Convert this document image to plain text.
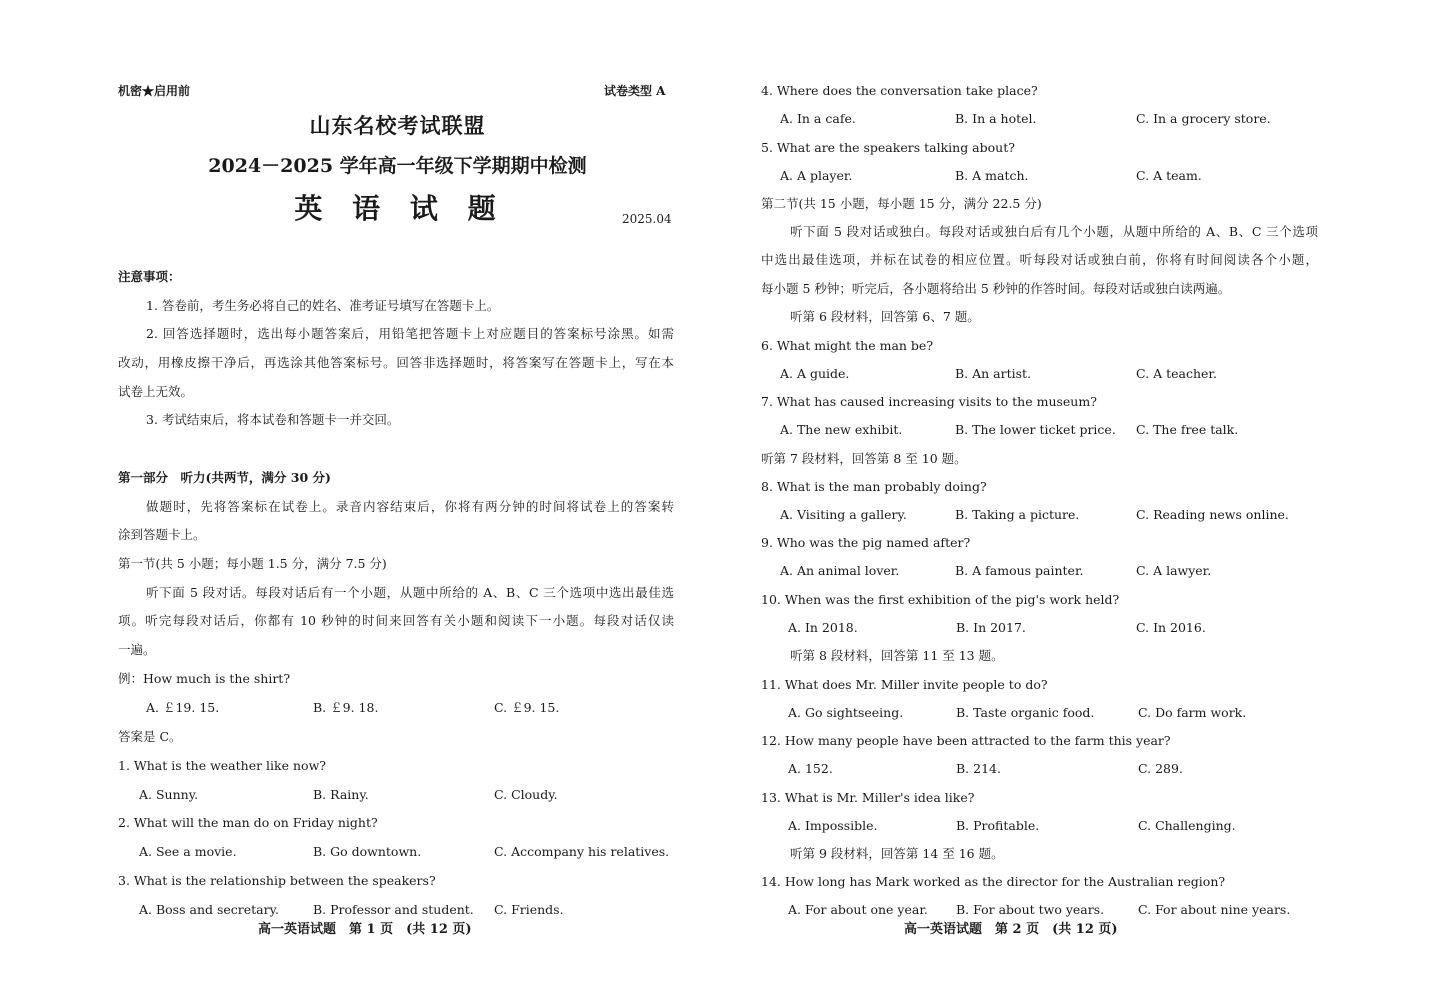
机密★启用前	试卷类型 A
山东名校考试联盟
2024－2025 学年高一年级下学期期中检测
英 语 试 题	2025.04
注意事项：
1. 答卷前，考生务必将自己的姓名、准考证号填写在答题卡上。
2. 回答选择题时，选出每小题答案后，用铅笔把答题卡上对应题目的答案标号涂黑。如需
改动，用橡皮擦干净后，再选涂其他答案标号。回答非选择题时，将答案写在答题卡上，写在本
试卷上无效。
3. 考试结束后，将本试卷和答题卡一并交回。
第一部分　听力(共两节，满分 30 分)
做题时，先将答案标在试卷上。录音内容结束后，你将有两分钟的时间将试卷上的答案转
涂到答题卡上。
第一节(共 5 小题；每小题 1.5 分，满分 7.5 分)
听下面 5 段对话。每段对话后有一个小题，从题中所给的 A、B、C 三个选项中选出最佳选
项。听完每段对话后，你都有 10 秒钟的时间来回答有关小题和阅读下一小题。每段对话仅读
一遍。
例：How much is the shirt?
A. ￡19. 15.	B. ￡9. 18.	C. ￡9. 15.
答案是 C。
1. What is the weather like now?
A. Sunny.	B. Rainy.	C. Cloudy.
2. What will the man do on Friday night?
A. See a movie.	B. Go downtown.	C. Accompany his relatives.
3. What is the relationship between the speakers?
A. Boss and secretary.	B. Professor and student. C. Friends.
高一英语试题　第 1 页　(共 12 页)
4. Where does the conversation take place?
A. In a cafe.	B. In a hotel.	C. In a grocery store.
5. What are the speakers talking about?
A. A player.	B. A match.	C. A team.
第二节(共 15 小题，每小题 15 分，满分 22.5 分)
听下面 5 段对话或独白。每段对话或独白后有几个小题，从题中所给的 A、B、C 三个选项
中选出最佳选项，并标在试卷的相应位置。听每段对话或独白前，你将有时间阅读各个小题，
每小题 5 秒钟；听完后，各小题将给出 5 秒钟的作答时间。每段对话或独白读两遍。
听第 6 段材料，回答第 6、7 题。
6. What might the man be?
A. A guide.	B. An artist.	C. A teacher.
7. What has caused increasing visits to the museum?
A. The new exhibit.	B. The lower ticket price. C. The free talk.
听第 7 段材料，回答第 8 至 10 题。
8. What is the man probably doing?
A. Visiting a gallery.	B. Taking a picture.	C. Reading news online.
9. Who was the pig named after?
A. An animal lover.	B. A famous painter.	C. A lawyer.
10. When was the first exhibition of the pig's work held?
A. In 2018.	B. In 2017.	C. In 2016.
听第 8 段材料，回答第 11 至 13 题。
11. What does Mr. Miller invite people to do?
A. Go sightseeing.	B. Taste organic food.	C. Do farm work.
12. How many people have been attracted to the farm this year?
A. 152.	B. 214.	C. 289.
13. What is Mr. Miller's idea like?
A. Impossible.	B. Profitable.	C. Challenging.
听第 9 段材料，回答第 14 至 16 题。
14. How long has Mark worked as the director for the Australian region?
A. For about one year. B. For about two years.	C. For about nine years.
高一英语试题　第 2 页　(共 12 页)
